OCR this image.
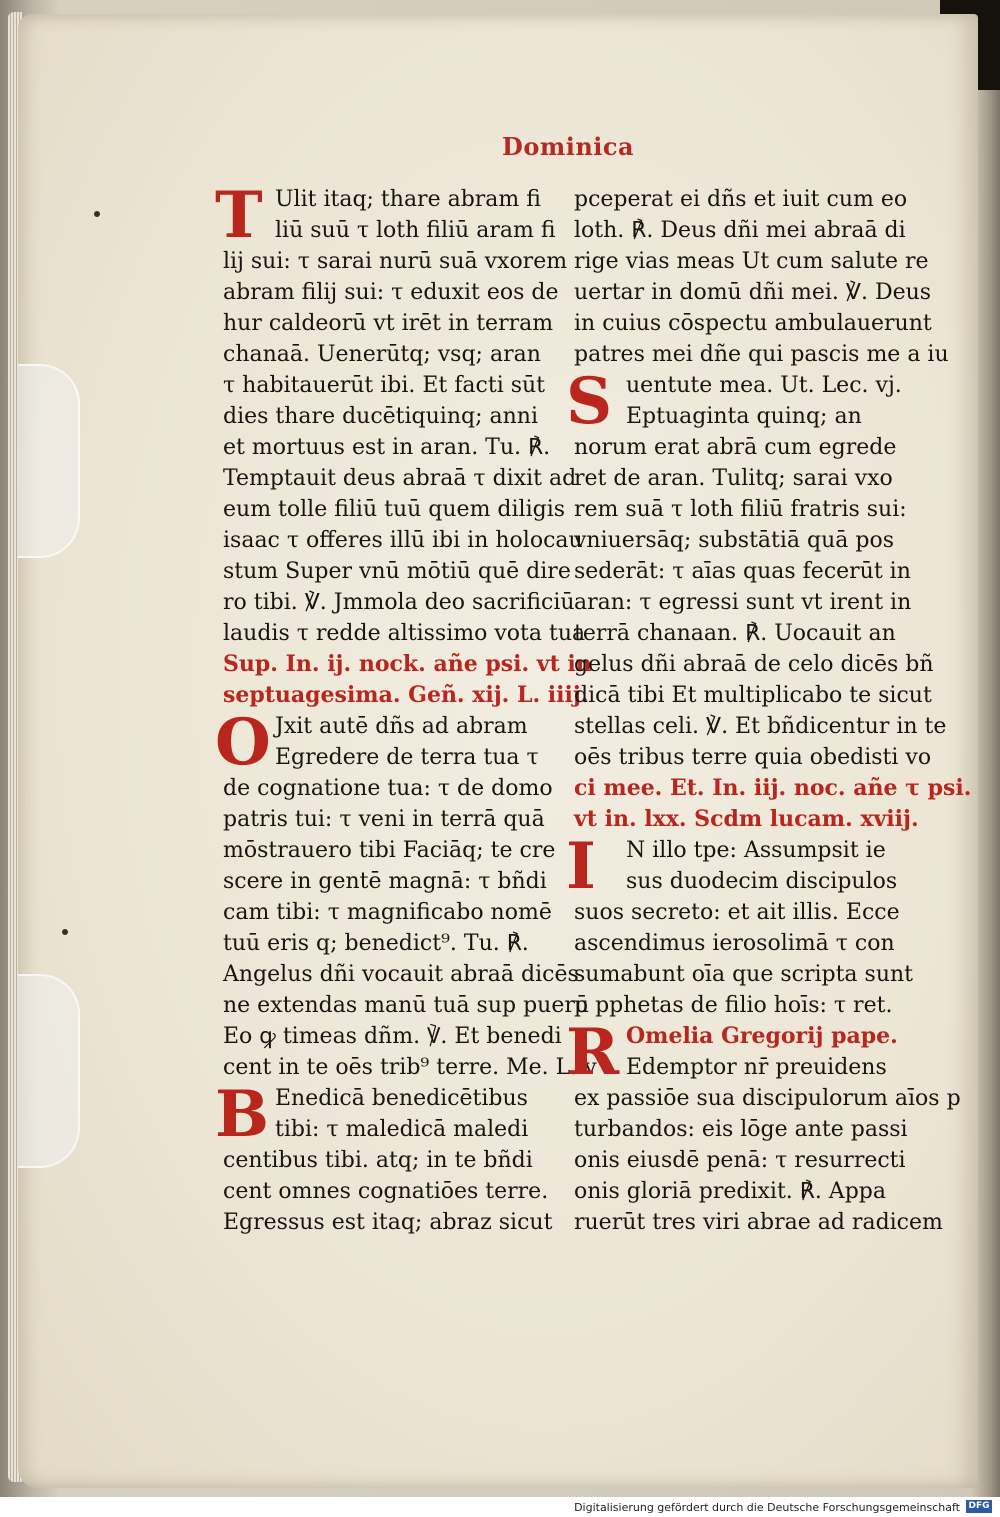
Dominica
T
O
B
Ulit itaq; thare abram fi
liū suū τ loth filiū aram fi
lij sui: τ sarai nurū suā vxorem
abram filij sui: τ eduxit eos de
hur caldeorū vt irēt in terram
chanaā. Uenerūtq; vsq; aran
τ habitauerūt ibi. Et facti sūt
dies thare ducētiquinq; anni
et mortuus est in aran. Tu. ℟.
Temptauit deus abraā τ dixit ad
eum tolle filiū tuū quem diligis
isaac τ offeres illū ibi in holocau
stum Super vnū mōtiū quē dire
ro tibi. ℣. Jmmola deo sacrificiū
laudis τ redde altissimo vota tua
Sup. In. ij. nock. añe psi. vt in
septuagesima. Geñ. xij. L. iiij.
Jxit autē dñs ad abram
Egredere de terra tua τ
de cognatione tua: τ de domo
patris tui: τ veni in terrā quā
mōstrauero tibi Faciāq; te cre
scere in gentē magnā: τ bñdi
cam tibi: τ magnificabo nomē
tuū eris q; benedict⁹. Tu. ℟.
Angelus dñi vocauit abraā dicēs
ne extendas manū tuā sup puerū
Eo ꝙ timeas dñm. ℣. Et benedi
cent in te oēs trib⁹ terre. Me. L. v
Enedicā benedicētibus
tibi: τ maledicā maledi
centibus tibi. atq; in te bñdi
cent omnes cognatiōes terre.
Egressus est itaq; abraz sicut
S
I
R
pceperat ei dñs et iuit cum eo
loth. ℟. Deus dñi mei abraā di
rige vias meas Ut cum salute re
uertar in domū dñi mei. ℣. Deus
in cuius cōspectu ambulauerunt
patres mei dñe qui pascis me a iu
uentute mea. Ut. Lec. vj.
Eptuaginta quinq; an
norum erat abrā cum egrede
ret de aran. Tulitq; sarai vxo
rem suā τ loth filiū fratris sui:
vniuersāq; substātiā quā pos
sederāt: τ aīas quas fecerūt in
aran: τ egressi sunt vt irent in
terrā chanaan. ℟. Uocauit an
gelus dñi abraā de celo dicēs bñ
dicā tibi Et multiplicabo te sicut
stellas celi. ℣. Et bñdicentur in te
oēs tribus terre quia obedisti vo
ci mee. Et. In. iij. noc. añe τ psi.
vt in. lxx. Scdm lucam. xviij.
N illo tpe: Assumpsit ie
sus duodecim discipulos
suos secreto: et ait illis. Ecce
ascendimus ierosolimā τ con
sumabunt oīa que scripta sunt
p pphetas de filio hoīs: τ ret.
Omelia Gregorij pape.
Edemptor nr̄ preuidens
ex passiōe sua discipulorum aīos p
turbandos: eis lōge ante passi
onis eiusdē penā: τ resurrecti
onis gloriā predixit. ℟. Appa
ruerūt tres viri abrae ad radicem
Digitalisierung gefördert durch die Deutsche Forschungsgemeinschaft DFG
